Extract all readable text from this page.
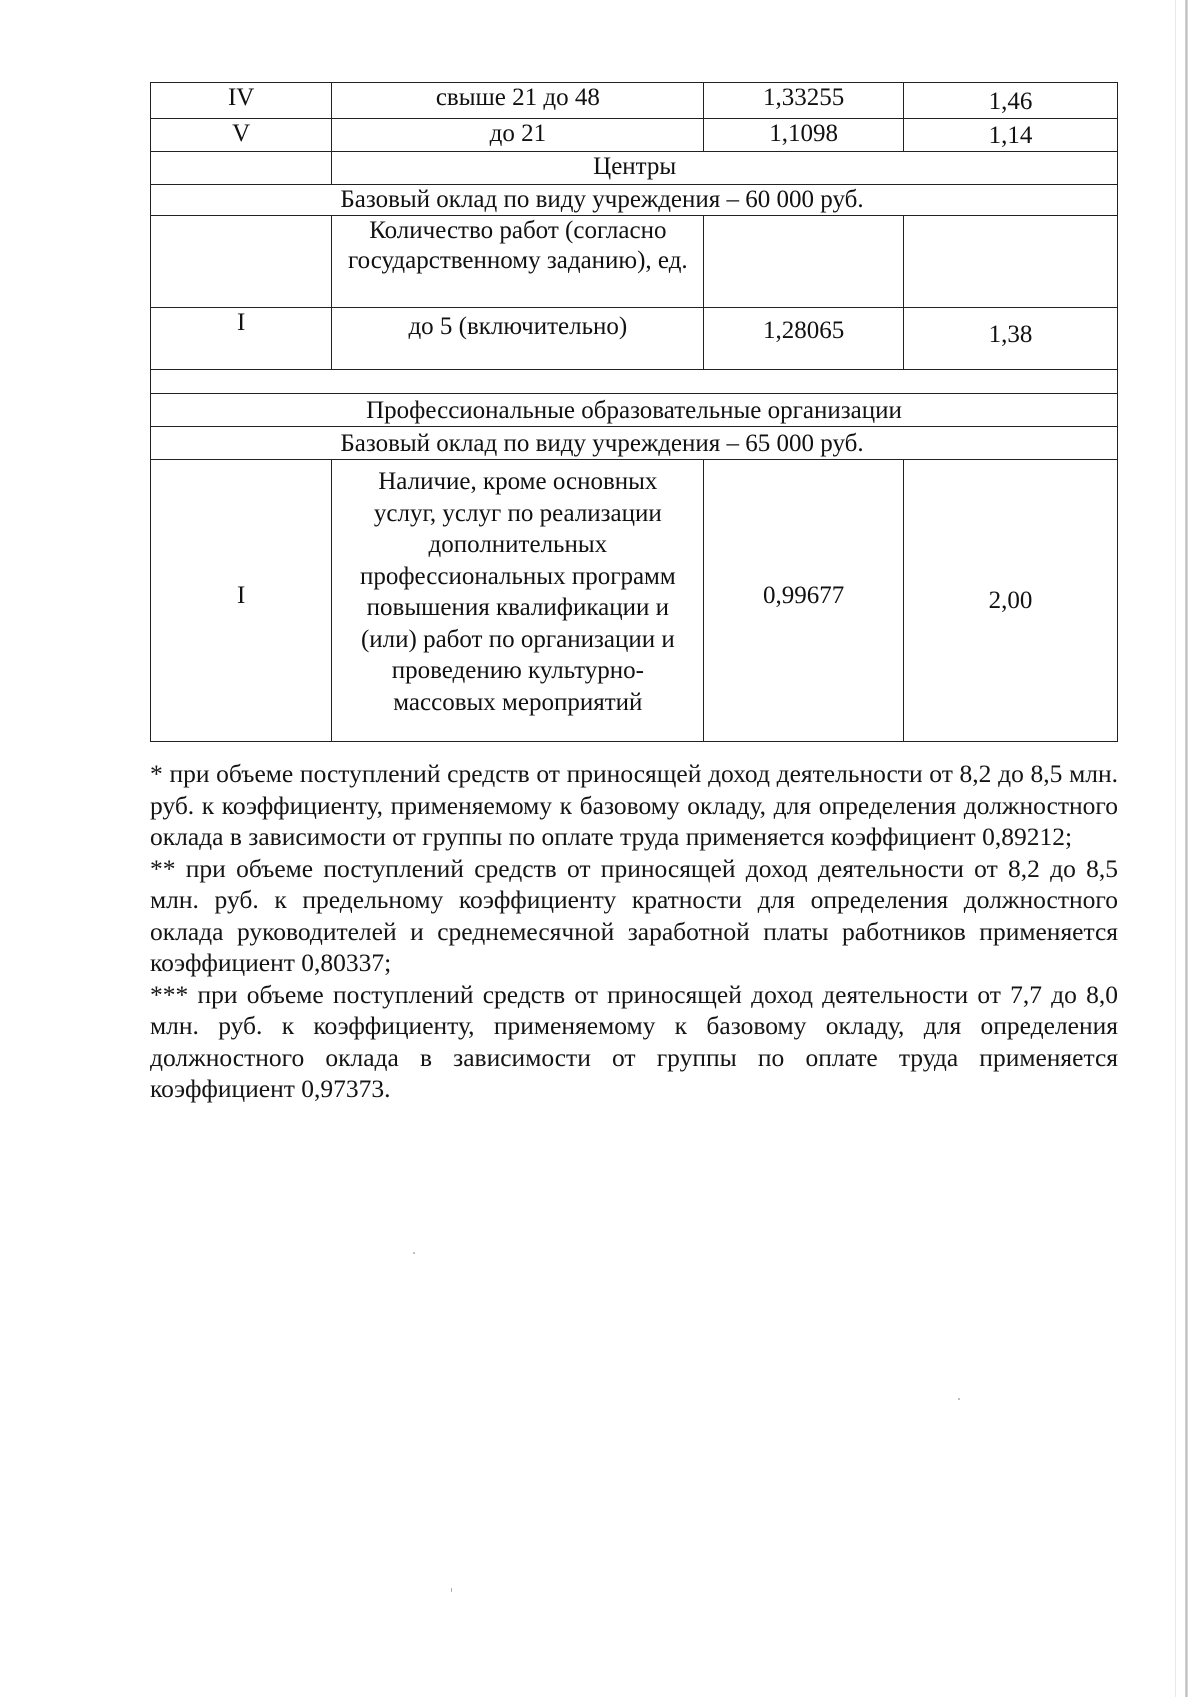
IV	свыше 21 до 48	1,33255	1,46
V	до 21	1,1098	1,14
	Центры		
Базовый оклад по виду учреждения – 60 000 руб.			
	Количество работ (согласно государственному заданию), ед.		
I	до 5 (включительно)	1,28065	1,38

Профессиональные образовательные организации			
Базовый оклад по виду учреждения – 65 000 руб.			
I	Наличие, кроме основных услуг, услуг по реализации дополнительных профессиональных программ повышения квалификации и (или) работ по организации и проведению культурно-массовых мероприятий	0,99677	2,00

* при объеме поступлений средств от приносящей доход деятельности от 8,2 до 8,5 млн. руб. к коэффициенту, применяемому к базовому окладу, для определения должностного оклада в зависимости от группы по оплате труда применяется коэффициент 0,89212;

** при объеме поступлений средств от приносящей доход деятельности от 8,2 до 8,5 млн. руб. к предельному коэффициенту кратности для определения должностного оклада руководителей и среднемесячной заработной платы работников применяется коэффициент 0,80337;

*** при объеме поступлений средств от приносящей доход деятельности от 7,7 до 8,0 млн. руб. к коэффициенту, применяемому к базовому окладу, для определения должностного оклада в зависимости от группы по оплате труда применяется коэффициент 0,97373.
